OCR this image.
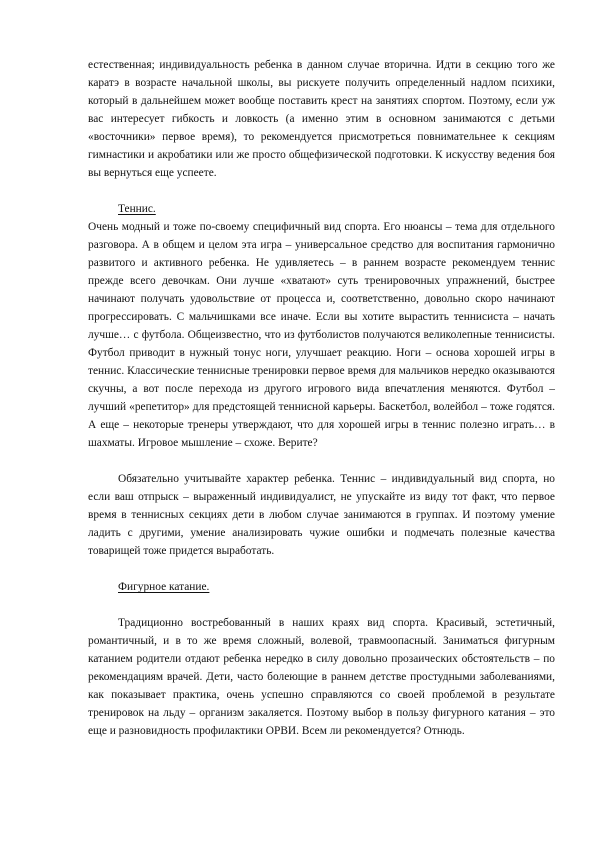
естественная; индивидуальность ребенка в данном случае вторична. Идти в секцию того же каратэ в возрасте начальной школы, вы рискуете получить определенный надлом психики, который в дальнейшем может вообще поставить крест на занятиях спортом. Поэтому, если уж вас интересует гибкость и ловкость (а именно этим в основном занимаются с детьми «восточники» первое время), то рекомендуется присмотреться повнимательнее к секциям гимнастики и акробатики или же просто общефизической подготовки. К искусству ведения боя вы вернуться еще успеете.

Теннис.

Очень модный и тоже по-своему специфичный вид спорта. Его нюансы – тема для отдельного разговора. А в общем и целом эта игра – универсальное средство для воспитания гармонично развитого и активного ребенка. Не удивляетесь – в раннем возрасте рекомендуем теннис прежде всего девочкам. Они лучше «хватают» суть тренировочных упражнений, быстрее начинают получать удовольствие от процесса и, соответственно, довольно скоро начинают прогрессировать. С мальчишками все иначе. Если вы хотите вырастить теннисиста – начать лучше… с футбола. Общеизвестно, что из футболистов получаются великолепные теннисисты. Футбол приводит в нужный тонус ноги, улучшает реакцию. Ноги – основа хорошей игры в теннис. Классические теннисные тренировки первое время для мальчиков нередко оказываются скучны, а вот после перехода из другого игрового вида впечатления меняются. Футбол – лучший «репетитор» для предстоящей теннисной карьеры. Баскетбол, волейбол – тоже годятся. А еще – некоторые тренеры утверждают, что для хорошей игры в теннис полезно играть… в шахматы. Игровое мышление – схоже. Верите?

Обязательно учитывайте характер ребенка. Теннис – индивидуальный вид спорта, но если ваш отпрыск – выраженный индивидуалист, не упускайте из виду тот факт, что первое время в теннисных секциях дети в любом случае занимаются в группах. И поэтому умение ладить с другими, умение анализировать чужие ошибки и подмечать полезные качества товарищей тоже придется выработать.

Фигурное катание.

Традиционно востребованный в наших краях вид спорта. Красивый, эстетичный, романтичный, и в то же время сложный, волевой, травмоопасный. Заниматься фигурным катанием родители отдают ребенка нередко в силу довольно прозаических обстоятельств – по рекомендациям врачей. Дети, часто болеющие в раннем детстве простудными заболеваниями, как показывает практика, очень успешно справляются со своей проблемой в результате тренировок на льду – организм закаляется. Поэтому выбор в пользу фигурного катания – это еще и разновидность профилактики ОРВИ. Всем ли рекомендуется? Отнюдь.
